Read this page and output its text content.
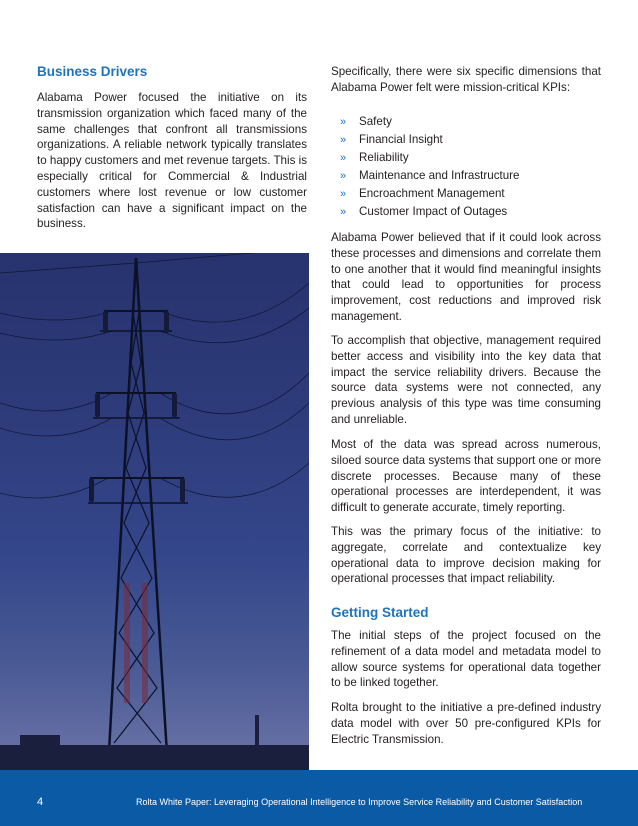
Business Drivers

Alabama Power focused the initiative on its transmission organization which faced many of the same challenges that confront all transmissions organizations. A reliable network typically translates to happy customers and met revenue targets. This is especially critical for Commercial & Industrial customers where lost revenue or low customer satisfaction can have a significant impact on the business.

Specifically, there were six specific dimensions that Alabama Power felt were mission-critical KPIs:

»	Safety
»	Financial Insight
»	Reliability
»	Maintenance and Infrastructure
»	Encroachment Management
»	Customer Impact of Outages

Alabama Power believed that if it could look across these processes and dimensions and correlate them to one another that it would find meaningful insights that could lead to opportunities for process improvement, cost reductions and improved risk management.

To accomplish that objective, management required better access and visibility into the key data that impact the service reliability drivers. Because the source data systems were not connected, any previous analysis of this type was time consuming and unreliable.

Most of the data was spread across numerous, siloed source data systems that support one or more discrete processes. Because many of these operational processes are interdependent, it was difficult to generate accurate, timely reporting.

This was the primary focus of the initiative: to aggregate, correlate and contextualize key operational data to improve decision making for operational processes that impact reliability.

Getting Started

The initial steps of the project focused on the refinement of a data model and metadata model to allow source systems for operational data together to be linked together.

Rolta brought to the initiative a pre-defined industry data model with over 50 pre-configured KPIs for Electric Transmission.

4	Rolta White Paper: Leveraging Operational Intelligence to Improve Service Reliability and Customer Satisfaction
